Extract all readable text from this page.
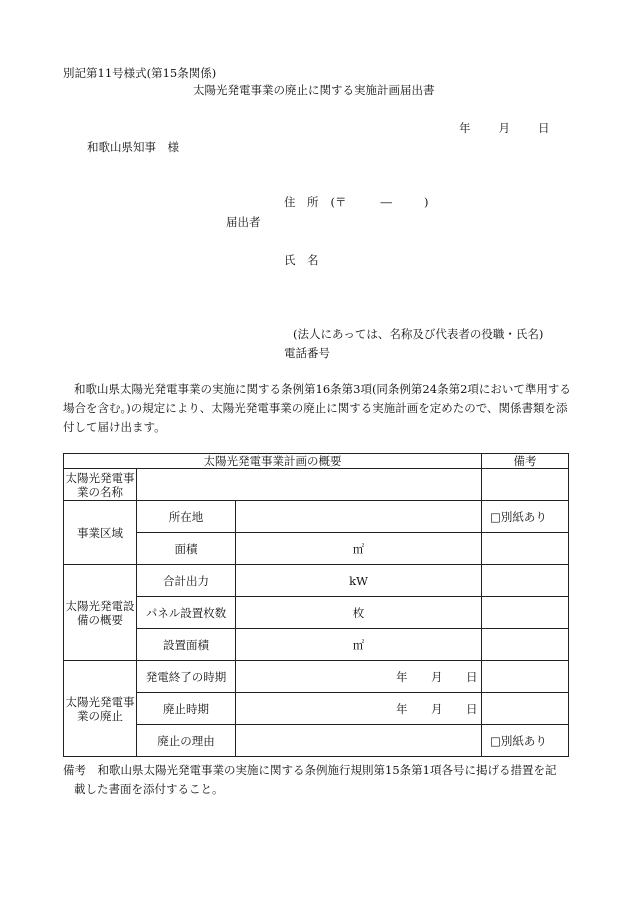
別記第11号様式(第15条関係)
太陽光発電事業の廃止に関する実施計画届出書
年 月 日
和歌山県知事　様
住　所 (〒	―	)
届出者
氏　名
(法人にあっては、名称及び代表者の役職・氏名)
電話番号
和歌山県太陽光発電事業の実施に関する条例第16条第3項(同条例第24条第2項において準用する場合を含む。)の規定により、太陽光発電事業の廃止に関する実施計画を定めたので、関係書類を添付して届け出ます。
太陽光発電事業計画の概要			備考
太陽光発電事業の名称			
事業区域	所在地		□別紙あり
	面積	㎡	
太陽光発電設備の概要	合計出力	kW	
	パネル設置枚数	枚	
	設置面積	㎡	
太陽光発電事業の廃止	発電終了の時期	年 月 日	

	廃止時期	年 月 日	

	廃止の理由		□別紙あり
備考　 和歌山県太陽光発電事業の実施に関する条例施行規則第15条第1項各号に掲げる措置を記
載した書面を添付すること。
